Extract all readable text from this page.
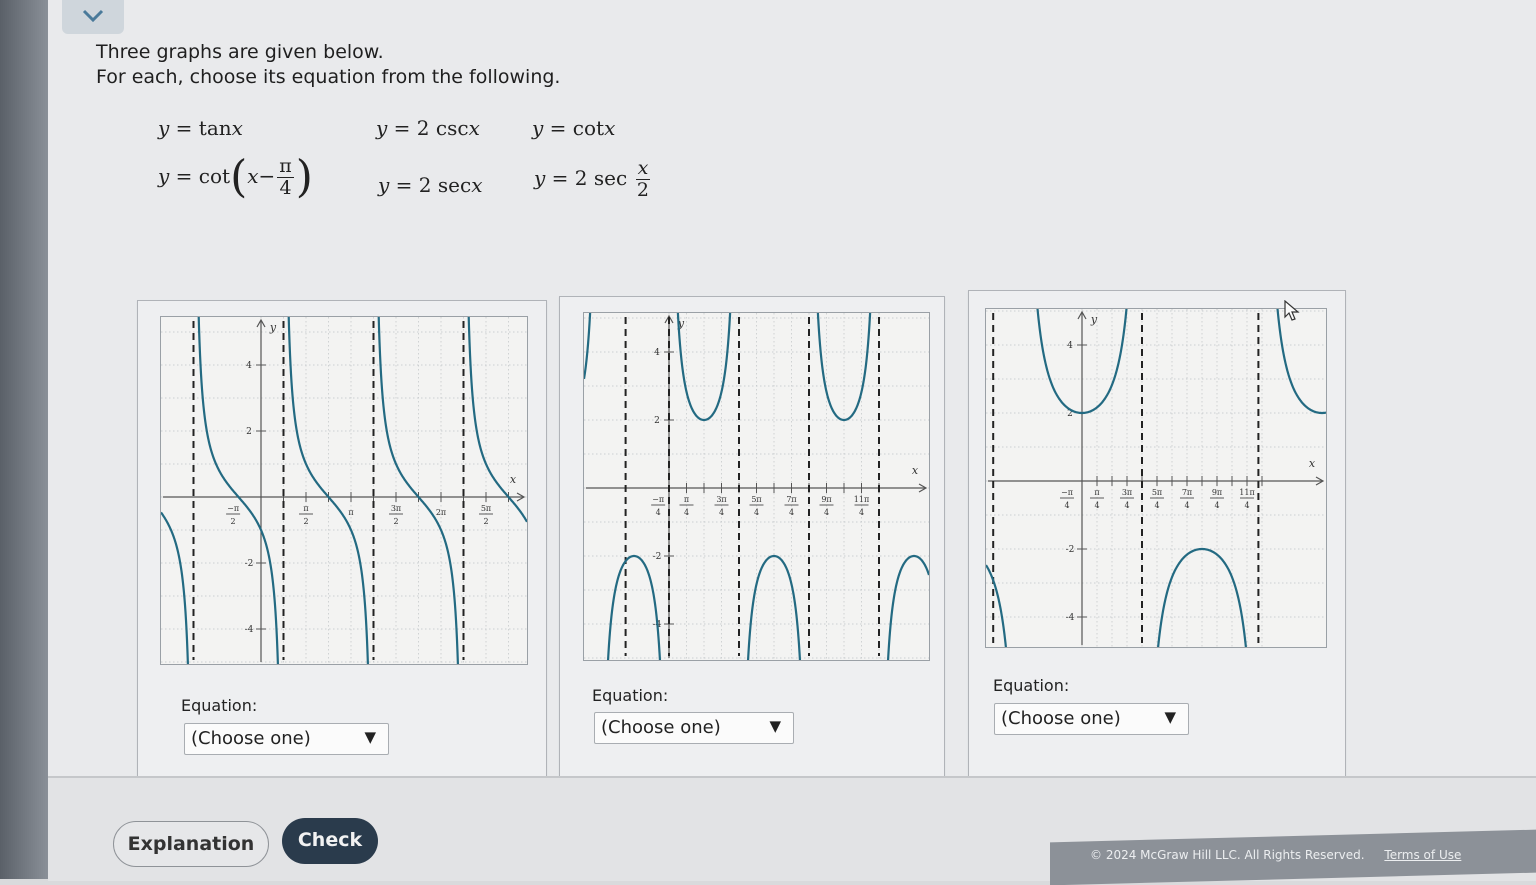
Three graphs are given below.
For each, choose its equation from the following.
y = tanx	y = 2 cscx	y = cotx
$y = \cot(x- \frac{\pi}{4}$ )	y = 2 secx	y = 2 $\sec \frac{x}{2}$
x
y
4
2
-2
-4
−π
2
π
2
3π
2
5π
2
π	2π
Equation:
(Choose one)	▼
x
y
4
2
-2
-4
−π
4
π
4
3π
4
5π
4
7π
4
9π
4
11π
4
Equation:
(Choose one)	▼
x
y
4
2
-2
-4
−π
4
π
4
3π
4
5π
4
7π
4
9π
4
11π
4
Equation:
(Choose one)	▼
Explanation	Check
© 2024 McGraw Hill LLC. All Rights Reserved. Terms of Use
